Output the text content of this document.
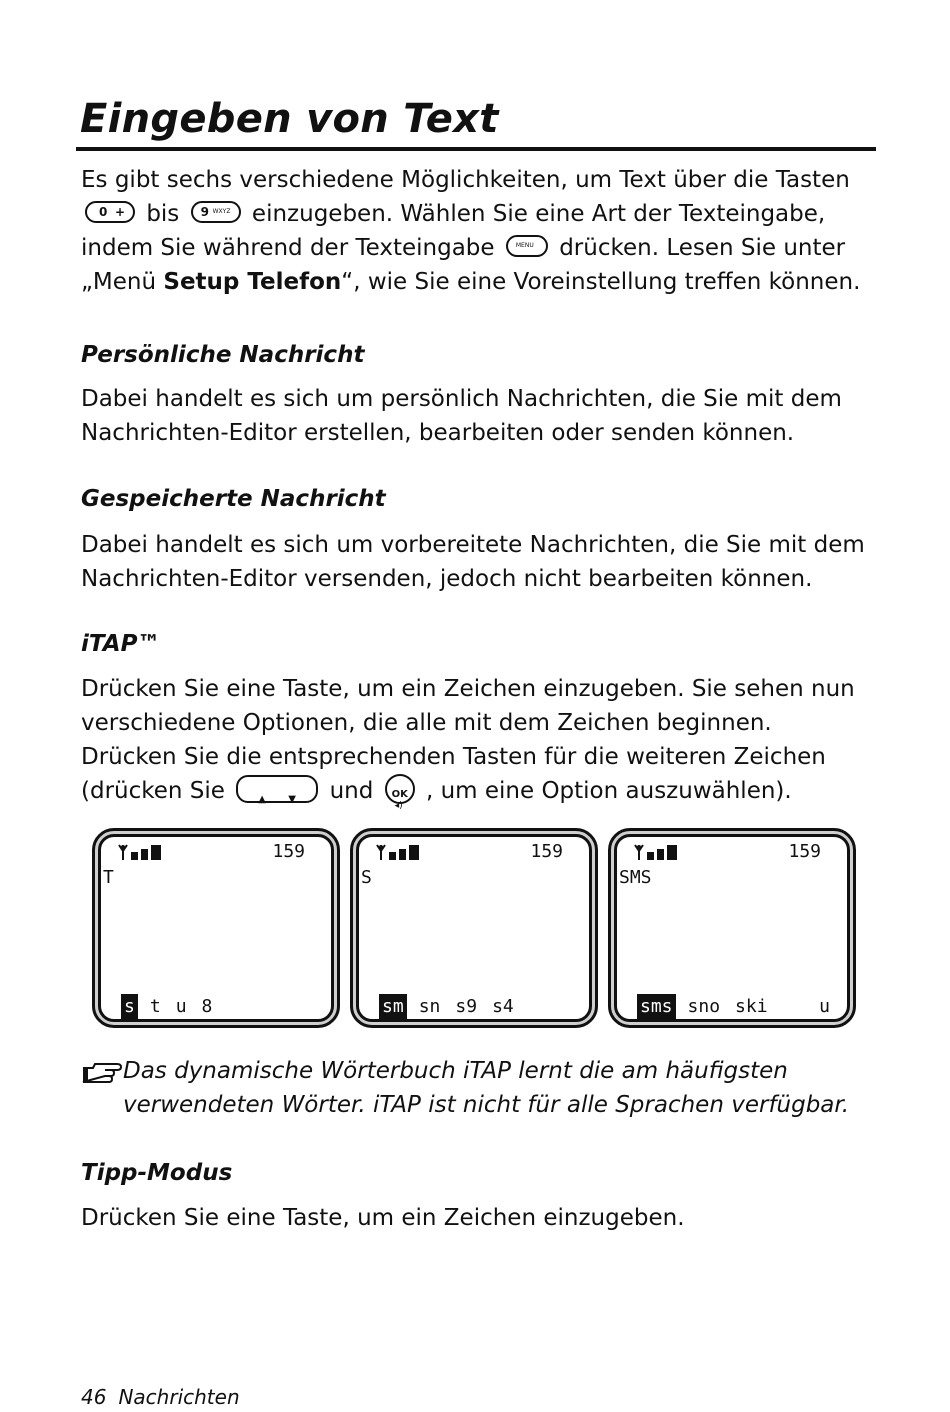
Eingeben von Text

Es gibt sechs verschiedene Möglichkeiten, um Text über die Tasten
0 + bis 9 WXYZ einzugeben. Wählen Sie eine Art der Texteingabe,
indem Sie während der Texteingabe	MENU drücken. Lesen Sie unter
„Menü Setup Telefon“, wie Sie eine Voreinstellung treffen können.

Persönliche Nachricht

Dabei handelt es sich um persönlich Nachrichten, die Sie mit dem
Nachrichten-Editor erstellen, bearbeiten oder senden können.

Gespeicherte Nachricht

Dabei handelt es sich um vorbereitete Nachrichten, die Sie mit dem
Nachrichten-Editor versenden, jedoch nicht bearbeiten können.

iTAP™

Drücken Sie eine Taste, um ein Zeichen einzugeben. Sie sehen nun
verschiedene Optionen, die alle mit dem Zeichen beginnen.
Drücken Sie die entsprechenden Tasten für die weiteren Zeichen
(drücken Sie	▲ ▼ und OK
◂)
, um eine Option auszuwählen).

159
T
s t u 8
159
S
sm sn s9 s4
159
SMS
sms sno ski	u
Das dynamische Wörterbuch iTAP lernt die am häufigsten
verwendeten Wörter. iTAP ist nicht für alle Sprachen verfügbar.
Tipp-Modus

Drücken Sie eine Taste, um ein Zeichen einzugeben.

46 Nachrichten
